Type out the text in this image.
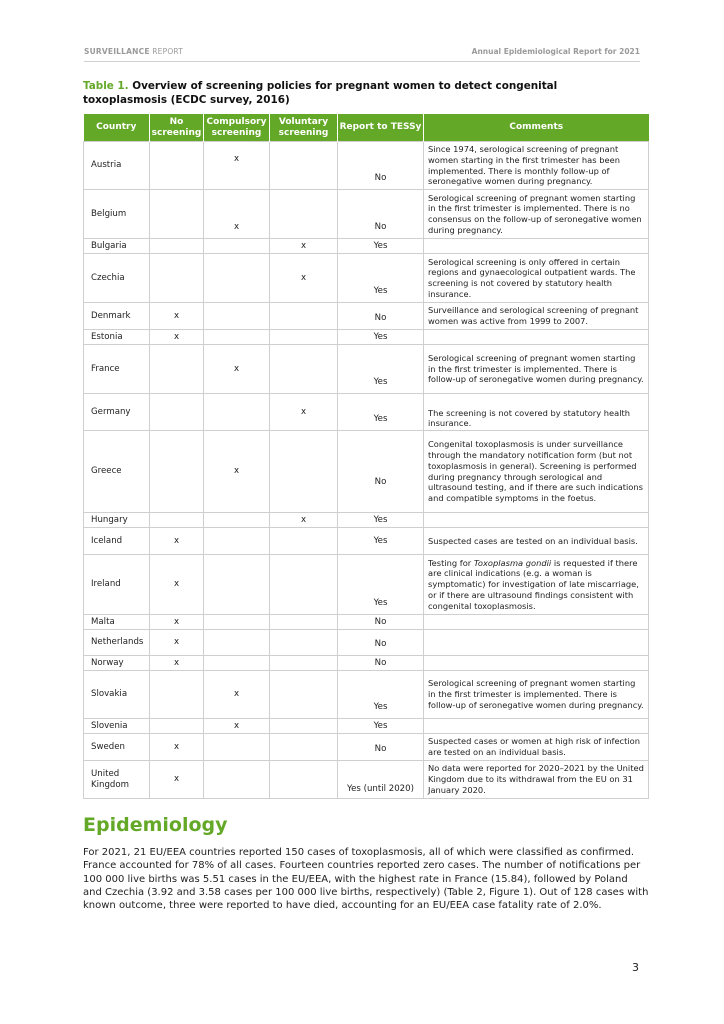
SURVEILLANCE REPORT	Annual Epidemiological Report for 2021
Table 1. Overview of screening policies for pregnant women to detect congenital toxoplasmosis (ECDC survey, 2016)
Country	No screening	Compulsory screening	Voluntary screening	Report to TESSy	Comments
Austria		x		No	Since 1974, serological screening of pregnant women starting in the first trimester has been implemented. There is monthly follow-up of seronegative women during pregnancy.
Belgium		x		No	Serological screening of pregnant women starting in the first trimester is implemented. There is no consensus on the follow-up of seronegative women during pregnancy.
Bulgaria			x	Yes	
Czechia			x	Yes	Serological screening is only offered in certain regions and gynaecological outpatient wards. The screening is not covered by statutory health insurance.
Denmark	x			No	Surveillance and serological screening of pregnant women was active from 1999 to 2007.
Estonia	x			Yes	
France		x		Yes	Serological screening of pregnant women starting in the first trimester is implemented. There is follow-up of seronegative women during pregnancy.
Germany			x	Yes	The screening is not covered by statutory health insurance.
Greece		x		No	Congenital toxoplasmosis is under surveillance through the mandatory notification form (but not toxoplasmosis in general). Screening is performed during pregnancy through serological and ultrasound testing, and if there are such indications and compatible symptoms in the foetus.
Hungary			x	Yes	
Iceland	x			Yes	Suspected cases are tested on an individual basis.
Ireland	x			Yes	Testing for Toxoplasma gondii is requested if there are clinical indications (e.g. a woman is symptomatic) for investigation of late miscarriage, or if there are ultrasound findings consistent with congenital toxoplasmosis.
Malta	x			No	
Netherlands	x			No	
Norway	x			No	
Slovakia		x		Yes	Serological screening of pregnant women starting in the first trimester is implemented. There is follow-up of seronegative women during pregnancy.
Slovenia		x		Yes	
Sweden	x			No	Suspected cases or women at high risk of infection are tested on an individual basis.
United Kingdom	x			Yes (until 2020)	No data were reported for 2020–2021 by the United Kingdom due to its withdrawal from the EU on 31 January 2020.
Epidemiology

For 2021, 21 EU/EEA countries reported 150 cases of toxoplasmosis, all of which were classified as confirmed. France accounted for 78% of all cases. Fourteen countries reported zero cases. The number of notifications per 100 000 live births was 5.51 cases in the EU/EEA, with the highest rate in France (15.84), followed by Poland and Czechia (3.92 and 3.58 cases per 100 000 live births, respectively) (Table 2, Figure 1). Out of 128 cases with known outcome, three were reported to have died, accounting for an EU/EEA case fatality rate of 2.0%.

3
